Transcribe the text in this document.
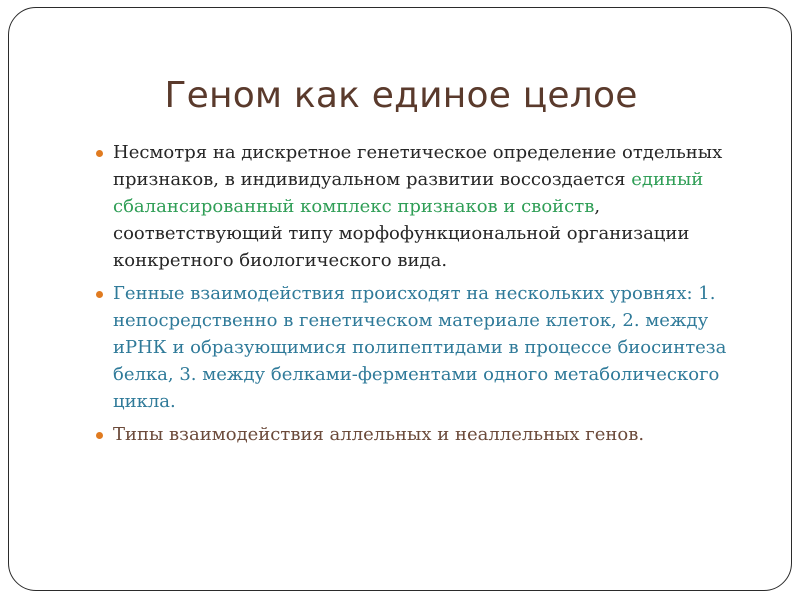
Геном как единое целое
Несмотря на дискретное генетическое определение отдельных признаков, в индивидуальном развитии воссоздается единый сбалансированный комплекс признаков и свойств, соответствующий типу морфофункциональной организации конкретного биологического вида.
Генные взаимодействия происходят на нескольких уровнях: 1. непосредственно в генетическом материале клеток, 2. между иРНК и образующимися полипептидами в процессе биосинтеза белка, 3. между белками-ферментами одного метаболического цикла.
Типы взаимодействия аллельных и неаллельных генов.
